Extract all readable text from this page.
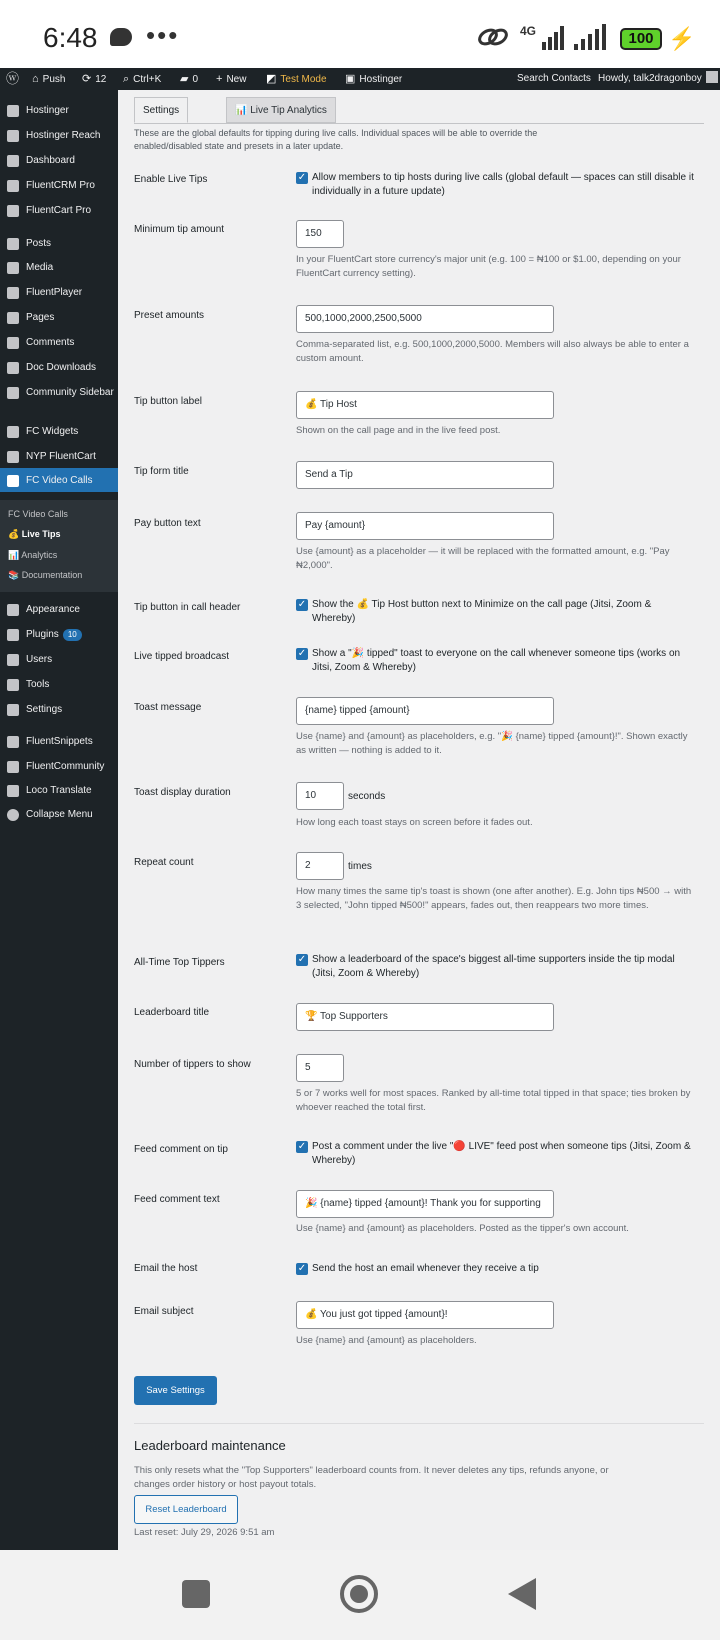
6:48 •••	4G	100 ⚡
ⓦ ⌂ Push ⟳ 12 ⌕ Ctrl+K ▰ 0 + New ◩ Test Mode ▣ Hostinger	Search Contacts Howdy, talk2dragonboy
Hostinger
Hostinger Reach
Dashboard
FluentCRM Pro
FluentCart Pro
Posts
Media
FluentPlayer
Pages
Comments
Doc Downloads
Community Sidebar
FC Widgets
NYP FluentCart
FC Video Calls
Appearance
Plugins 10
Users
Tools
Settings
FluentSnippets
FluentCommunity
Loco Translate
Collapse Menu
FC Video Calls
💰 Live Tips
📊 Analytics
📚 Documentation
Settings	📊 Live Tip Analytics
These are the global defaults for tipping during live calls. Individual spaces will be able to override the enabled/disabled state and presets in a later update.
Enable Live Tips	✓ Allow members to tip hosts during live calls (global default — spaces can still disable it individually in a future update)
Minimum tip amount	150
In your FluentCart store currency's major unit (e.g. 100 = ₦100 or $1.00, depending on your FluentCart currency setting).
Preset amounts	500,1000,2000,2500,5000
Comma-separated list, e.g. 500,1000,2000,5000. Members will also always be able to enter a custom amount.
Tip button label	💰 Tip Host
Shown on the call page and in the live feed post.
Tip form title	Send a Tip
Pay button text	Pay {amount}
Use {amount} as a placeholder — it will be replaced with the formatted amount, e.g. "Pay ₦2,000".
Tip button in call header	✓ Show the 💰 Tip Host button next to Minimize on the call page (Jitsi, Zoom & Whereby)
Live tipped broadcast	✓ Show a "🎉 tipped" toast to everyone on the call whenever someone tips (works on Jitsi, Zoom & Whereby)
Toast message	{name} tipped {amount}
Use {name} and {amount} as placeholders, e.g. "🎉 {name} tipped {amount}!". Shown exactly as written — nothing is added to it.
Toast display duration	10	seconds
How long each toast stays on screen before it fades out.
Repeat count	2	times
How many times the same tip's toast is shown (one after another). E.g. John tips ₦500 → with 3 selected, "John tipped ₦500!" appears, fades out, then reappears two more times.
All-Time Top Tippers	✓ Show a leaderboard of the space's biggest all-time supporters inside the tip modal (Jitsi, Zoom & Whereby)
Leaderboard title	🏆 Top Supporters
Number of tippers to show	5
5 or 7 works well for most spaces. Ranked by all-time total tipped in that space; ties broken by whoever reached the total first.
Feed comment on tip	✓ Post a comment under the live "🔴 LIVE" feed post when someone tips (Jitsi, Zoom & Whereby)
Feed comment text	🎉 {name} tipped {amount}! Thank you for supporting
Use {name} and {amount} as placeholders. Posted as the tipper's own account.
Email the host	✓ Send the host an email whenever they receive a tip
Email subject	💰 You just got tipped {amount}!
Use {name} and {amount} as placeholders.
Save Settings
Leaderboard maintenance
This only resets what the "Top Supporters" leaderboard counts from. It never deletes any tips, refunds anyone, or changes order history or host payout totals.
Reset Leaderboard
Last reset: July 29, 2026 9:51 am
